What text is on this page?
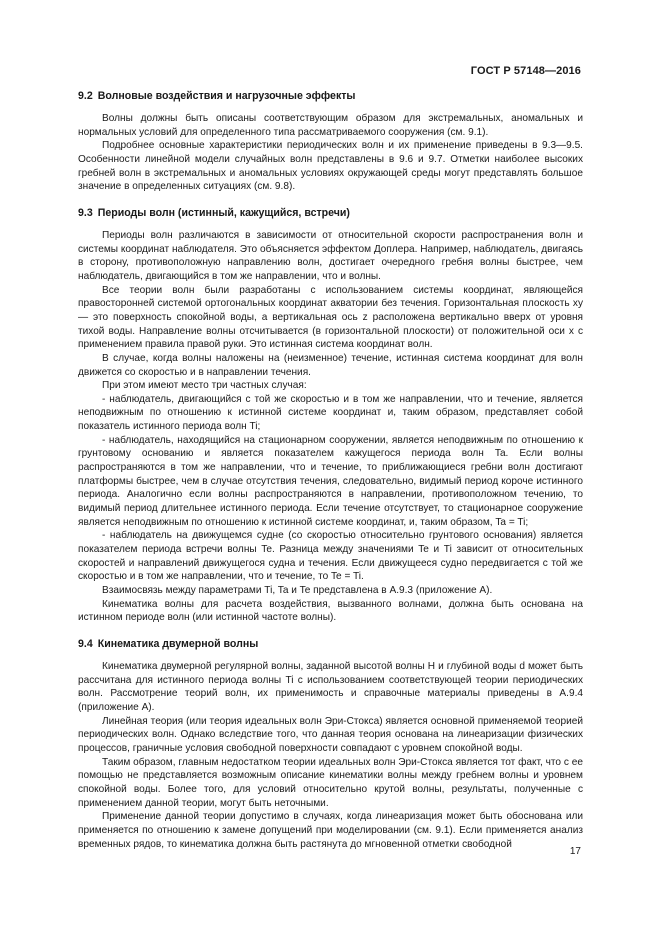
ГОСТ Р 57148—2016
9.2 Волновые воздействия и нагрузочные эффекты

Волны должны быть описаны соответствующим образом для экстремальных, аномальных и нормальных условий для определенного типа рассматриваемого сооружения (см. 9.1).

Подробнее основные характеристики периодических волн и их применение приведены в 9.3—9.5. Особенности линейной модели случайных волн представлены в 9.6 и 9.7. Отметки наиболее высоких гребней волн в экстремальных и аномальных условиях окружающей среды могут представлять большое значение в определенных ситуациях (см. 9.8).

9.3 Периоды волн (истинный, кажущийся, встречи)

Периоды волн различаются в зависимости от относительной скорости распространения волн и системы координат наблюдателя. Это объясняется эффектом Доплера. Например, наблюдатель, двигаясь в сторону, противоположную направлению волн, достигает очередного гребня волны быстрее, чем наблюдатель, двигающийся в том же направлении, что и волны.

Все теории волн были разработаны с использованием системы координат, являющейся правосторонней системой ортогональных координат акватории без течения. Горизонтальная плоскость xy — это поверхность спокойной воды, а вертикальная ось z расположена вертикально вверх от уровня тихой воды. Направление волны отсчитывается (в горизонтальной плоскости) от положительной оси x с применением правила правой руки. Это истинная система координат волн.

В случае, когда волны наложены на (неизменное) течение, истинная система координат для волн движется со скоростью и в направлении течения.

При этом имеют место три частных случая:

- наблюдатель, двигающийся с той же скоростью и в том же направлении, что и течение, является неподвижным по отношению к истинной системе координат и, таким образом, представляет собой показатель истинного периода волн Ti;

- наблюдатель, находящийся на стационарном сооружении, является неподвижным по отношению к грунтовому основанию и является показателем кажущегося периода волн Ta. Если волны распространяются в том же направлении, что и течение, то приближающиеся гребни волн достигают платформы быстрее, чем в случае отсутствия течения, следовательно, видимый период короче истинного периода. Аналогично если волны распространяются в направлении, противоположном течению, то видимый период длительнее истинного периода. Если течение отсутствует, то стационарное сооружение является неподвижным по отношению к истинной системе координат, и, таким образом, Ta = Ti;

- наблюдатель на движущемся судне (со скоростью относительно грунтового основания) является показателем периода встречи волны Te. Разница между значениями Te и Ti зависит от относительных скоростей и направлений движущегося судна и течения. Если движущееся судно передвигается с той же скоростью и в том же направлении, что и течение, то Te = Ti.

Взаимосвязь между параметрами Ti, Ta и Te представлена в А.9.3 (приложение А).

Кинематика волны для расчета воздействия, вызванного волнами, должна быть основана на истинном периоде волн (или истинной частоте волны).

9.4 Кинематика двумерной волны

Кинематика двумерной регулярной волны, заданной высотой волны H и глубиной воды d может быть рассчитана для истинного периода волны Ti с использованием соответствующей теории периодических волн. Рассмотрение теорий волн, их применимость и справочные материалы приведены в А.9.4 (приложение А).

Линейная теория (или теория идеальных волн Эри-Стокса) является основной применяемой теорией периодических волн. Однако вследствие того, что данная теория основана на линеаризации физических процессов, граничные условия свободной поверхности совпадают с уровнем спокойной воды.

Таким образом, главным недостатком теории идеальных волн Эри-Стокса является тот факт, что с ее помощью не представляется возможным описание кинематики волны между гребнем волны и уровнем спокойной воды. Более того, для условий относительно крутой волны, результаты, полученные с применением данной теории, могут быть неточными.

Применение данной теории допустимо в случаях, когда линеаризация может быть обоснована или применяется по отношению к замене допущений при моделировании (см. 9.1). Если применяется анализ временных рядов, то кинематика должна быть растянута до мгновенной отметки свободной

17
